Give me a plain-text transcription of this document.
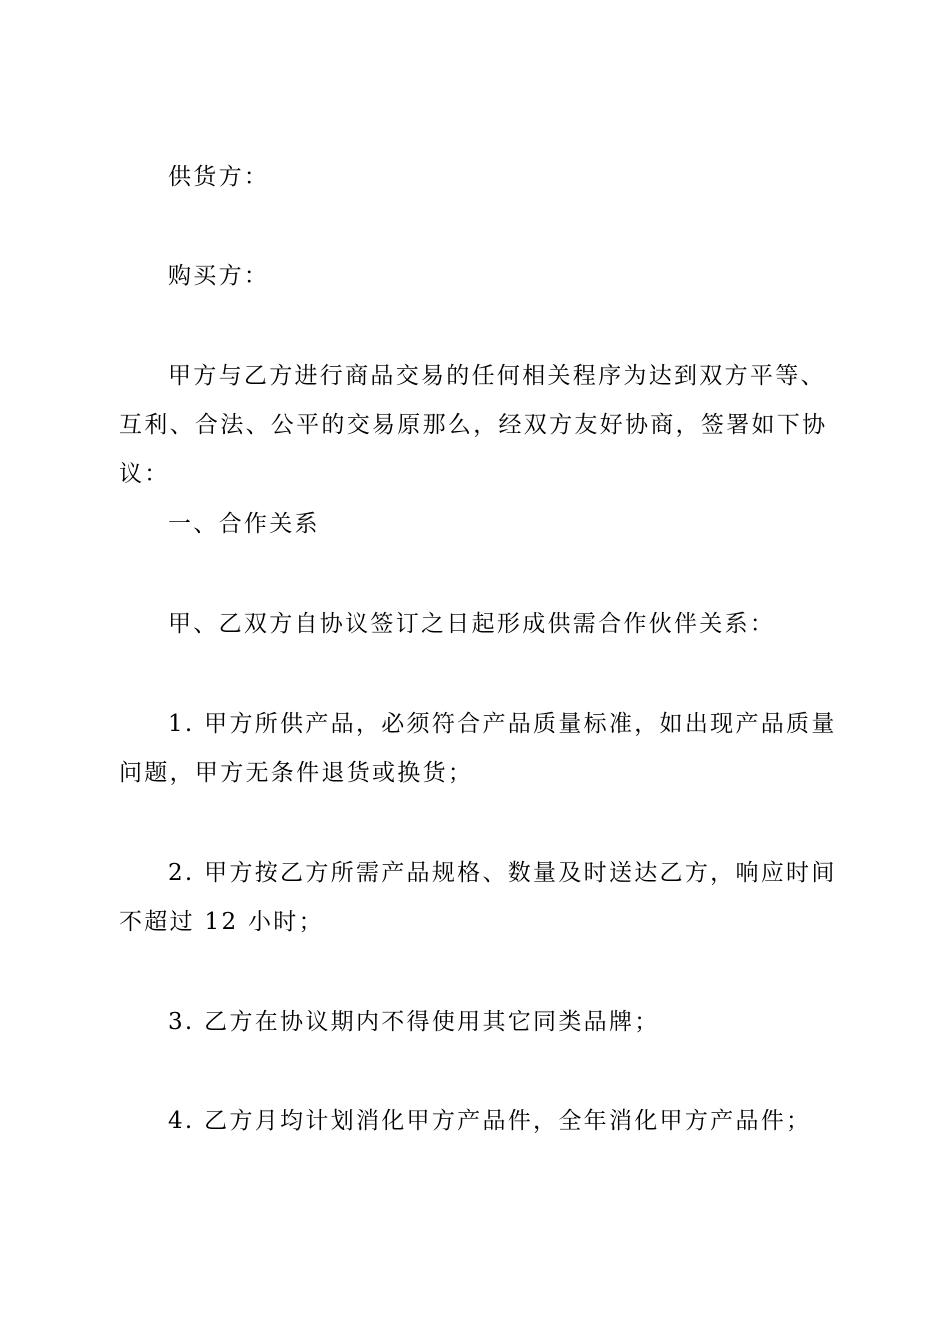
供货方：

购买方：

甲方与乙方进行商品交易的任何相关程序为达到双方平等、互利、合法、公平的交易原那么，经双方友好协商，签署如下协议：

一、合作关系

甲、乙双方自协议签订之日起形成供需合作伙伴关系：

1. 甲方所供产品，必须符合产品质量标准，如出现产品质量问题，甲方无条件退货或换货；

2. 甲方按乙方所需产品规格、数量及时送达乙方，响应时间不超过 12 小时；

3. 乙方在协议期内不得使用其它同类品牌；

4. 乙方月均计划消化甲方产品件，全年消化甲方产品件；
